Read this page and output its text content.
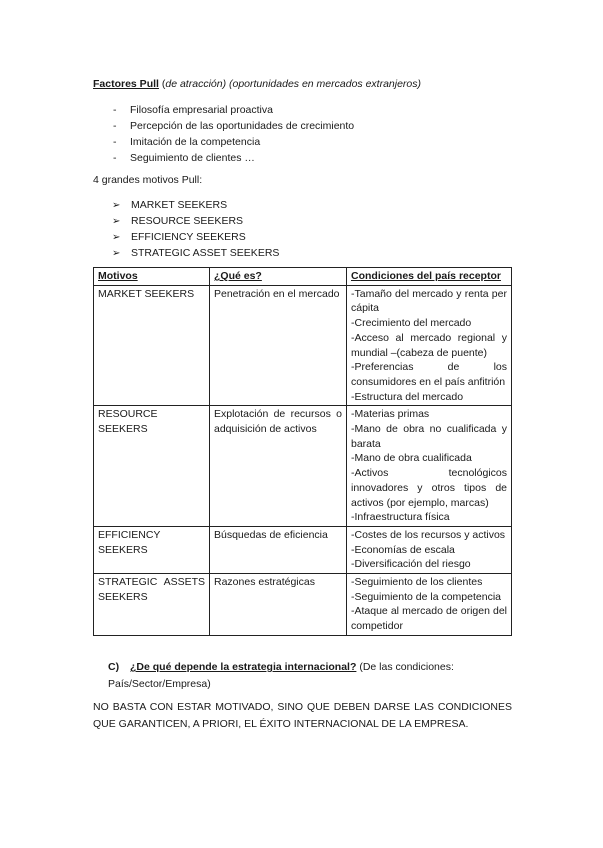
Factores Pull (de atracción) (oportunidades en mercados extranjeros)
- Filosofía empresarial proactiva
- Percepción de las oportunidades de crecimiento
- Imitación de la competencia
- Seguimiento de clientes …
4 grandes motivos Pull:
➢ MARKET SEEKERS
➢ RESOURCE SEEKERS
➢ EFFICIENCY SEEKERS
➢ STRATEGIC ASSET SEEKERS
Motivos	¿Qué es?	Condiciones del país receptor
MARKET SEEKERS	Penetración en el mercado	-Tamaño del mercado y renta per cápita
-Crecimiento del mercado
-Acceso al mercado regional y mundial –(cabeza de puente)
-Preferencias de los consumidores en el país anfitrión
-Estructura del mercado

RESOURCE SEEKERS	Explotación de recursos o adquisición de activos	-Materias primas
-Mano de obra no cualificada y barata
-Mano de obra cualificada
-Activos tecnológicos innovadores y otros tipos de activos (por ejemplo, marcas)
-Infraestructura física

EFFICIENCY SEEKERS	Búsquedas de eficiencia	-Costes de los recursos y activos
-Economías de escala
-Diversificación del riesgo

STRATEGIC ASSETS SEEKERS	Razones estratégicas	-Seguimiento de los clientes
-Seguimiento de la competencia
-Ataque al mercado de origen del competidor
C) ¿De qué depende la estrategia internacional? (De las condiciones: País/Sector/Empresa)
NO BASTA CON ESTAR MOTIVADO, SINO QUE DEBEN DARSE LAS CONDICIONES QUE GARANTICEN, A PRIORI, EL ÉXITO INTERNACIONAL DE LA EMPRESA.
